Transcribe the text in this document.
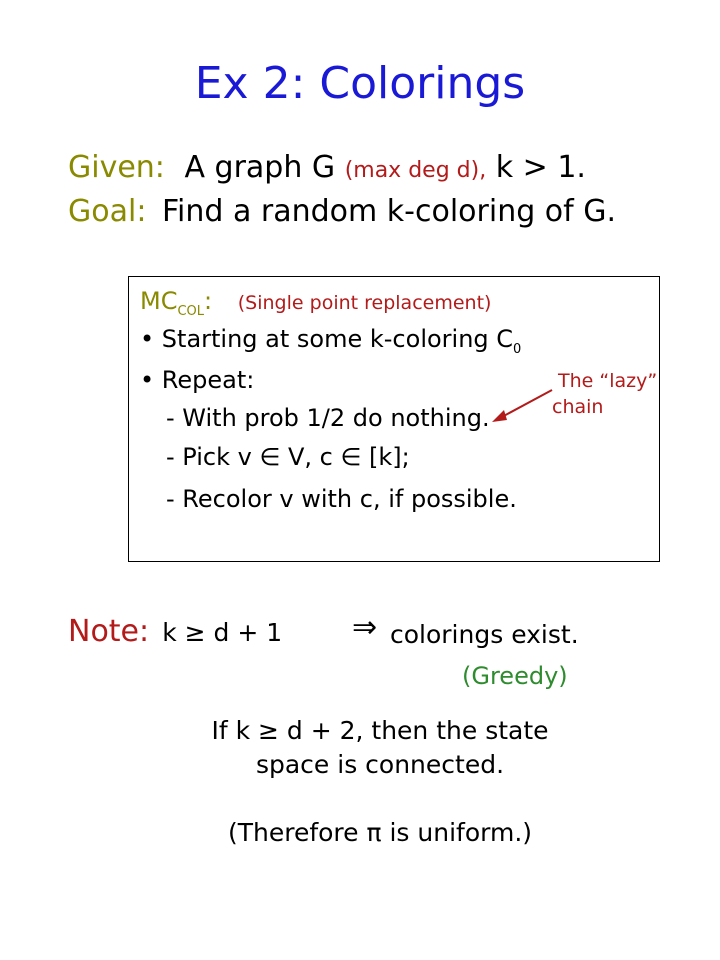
Ex 2: Colorings
Given: A graph G (max deg d), k > 1.
Goal: Find a random k-coloring of G.
$MC_{COL}$: (Single point replacement)
• Starting at some k-coloring $C_0$
• Repeat:
- With prob 1/2 do nothing.
- Pick v ∈ V, c ∈ [k];
- Recolor v with c, if possible.
The “lazy”
chain
Note: k ≥ d + 1 ⇒ colorings exist.
(Greedy)
If k ≥ d + 2, then the state
space is connected.
(Therefore π is uniform.)
